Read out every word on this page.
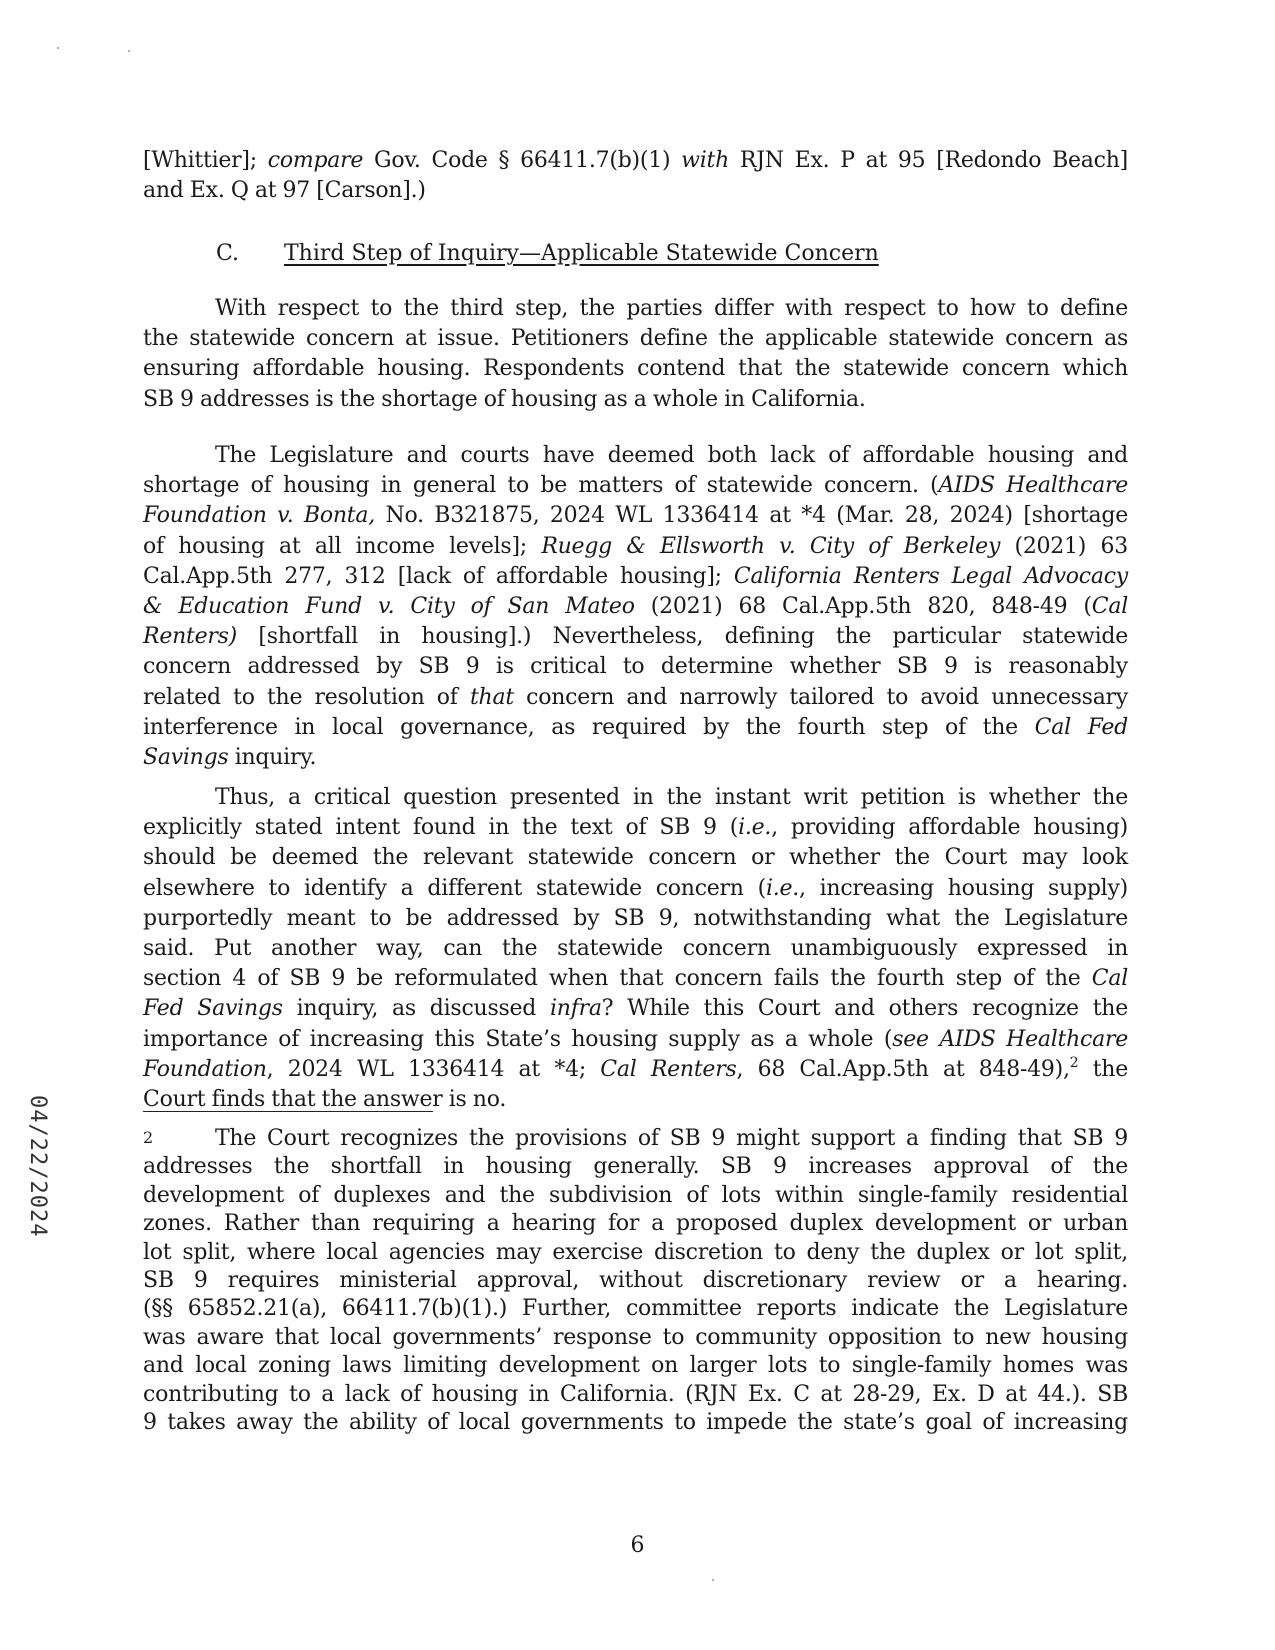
[Whittier]; compare Gov. Code § 66411.7(b)(1) with RJN Ex. P at 95 [Redondo Beach]
and Ex. Q at 97 [Carson].)
C. Third Step of Inquiry—Applicable Statewide Concern
With respect to the third step, the parties differ with respect to how to define
the statewide concern at issue. Petitioners define the applicable statewide concern as
ensuring affordable housing. Respondents contend that the statewide concern which
SB 9 addresses is the shortage of housing as a whole in California.
The Legislature and courts have deemed both lack of affordable housing and
shortage of housing in general to be matters of statewide concern. (AIDS Healthcare
Foundation v. Bonta, No. B321875, 2024 WL 1336414 at *4 (Mar. 28, 2024) [shortage
of housing at all income levels]; Ruegg & Ellsworth v. City of Berkeley (2021) 63
Cal.App.5th 277, 312 [lack of affordable housing]; California Renters Legal Advocacy
& Education Fund v. City of San Mateo (2021) 68 Cal.App.5th 820, 848-49 (Cal
Renters) [shortfall in housing].) Nevertheless, defining the particular statewide
concern addressed by SB 9 is critical to determine whether SB 9 is reasonably
related to the resolution of that concern and narrowly tailored to avoid unnecessary
interference in local governance, as required by the fourth step of the Cal Fed
Savings inquiry.
Thus, a critical question presented in the instant writ petition is whether the
explicitly stated intent found in the text of SB 9 (i.e., providing affordable housing)
should be deemed the relevant statewide concern or whether the Court may look
elsewhere to identify a different statewide concern (i.e., increasing housing supply)
purportedly meant to be addressed by SB 9, notwithstanding what the Legislature
said. Put another way, can the statewide concern unambiguously expressed in
section 4 of SB 9 be reformulated when that concern fails the fourth step of the Cal
Fed Savings inquiry, as discussed infra? While this Court and others recognize the
importance of increasing this State’s housing supply as a whole (see AIDS Healthcare
Foundation, 2024 WL 1336414 at *4; Cal Renters, 68 Cal.App.5th at 848-49),$^2$ the
Court finds that the answer is no.
2	The Court recognizes the provisions of SB 9 might support a finding that SB 9
addresses the shortfall in housing generally. SB 9 increases approval of the
development of duplexes and the subdivision of lots within single-family residential
zones. Rather than requiring a hearing for a proposed duplex development or urban
lot split, where local agencies may exercise discretion to deny the duplex or lot split,
SB 9 requires ministerial approval, without discretionary review or a hearing.
(§§ 65852.21(a), 66411.7(b)(1).) Further, committee reports indicate the Legislature
was aware that local governments’ response to community opposition to new housing
and local zoning laws limiting development on larger lots to single-family homes was
contributing to a lack of housing in California. (RJN Ex. C at 28-29, Ex. D at 44.). SB
9 takes away the ability of local governments to impede the state’s goal of increasing
04/22/2024
6
